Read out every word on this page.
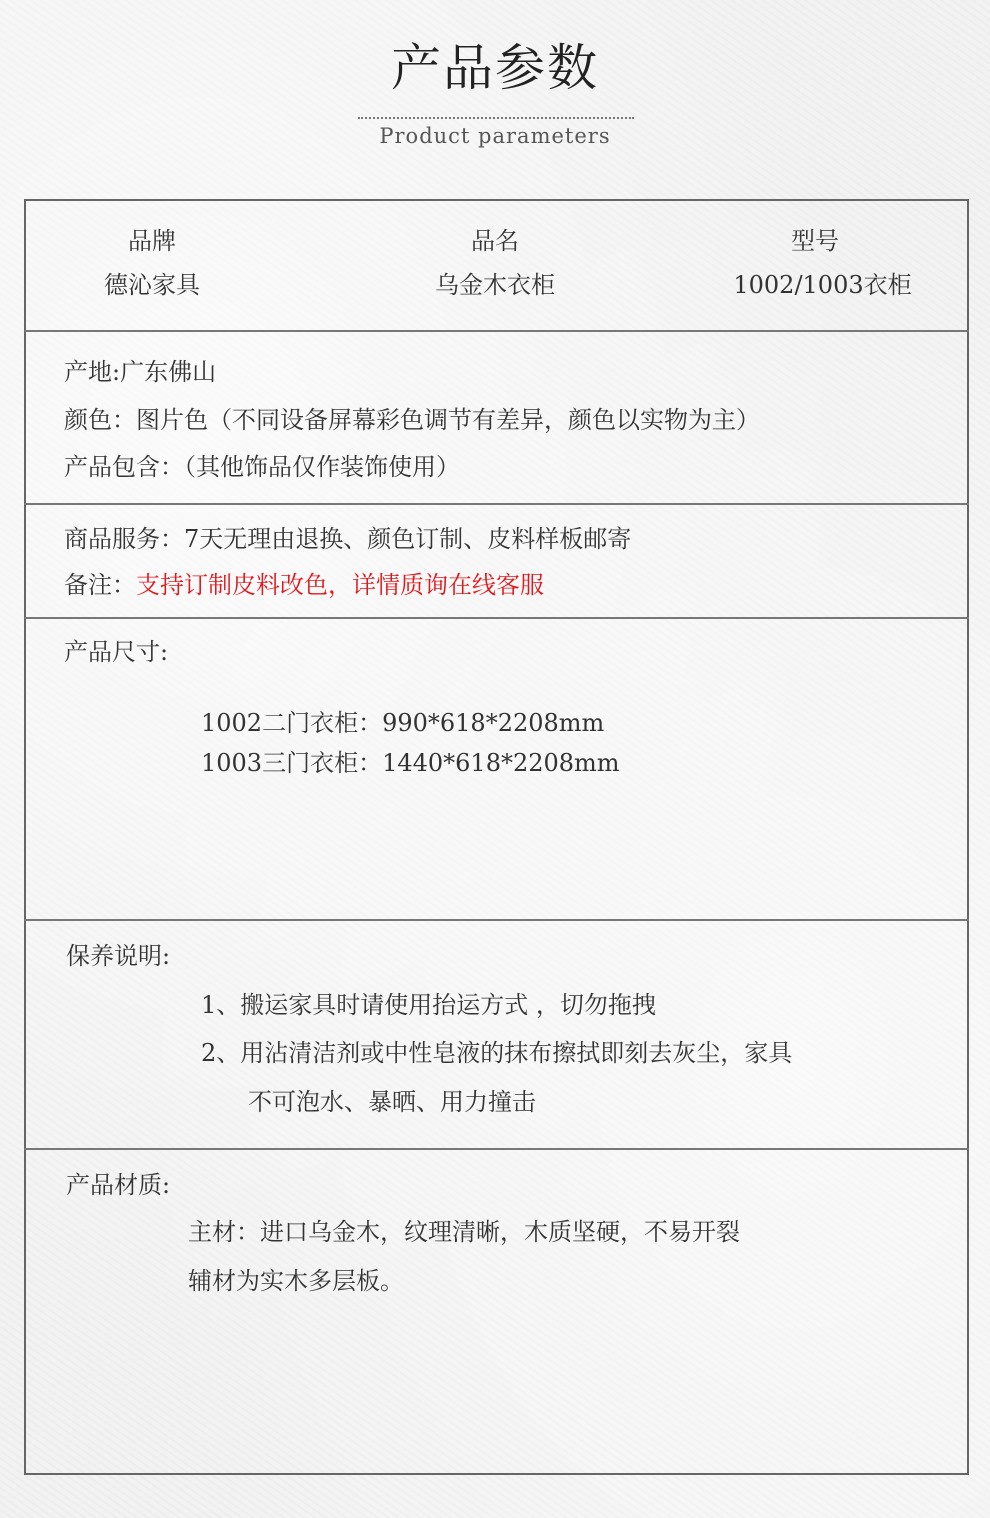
产品参数
Product parameters
品牌
德沁家具
品名
乌金木衣柜
型号
1002/1003衣柜
产地:广东佛山
颜色：图片色（不同设备屏幕彩色调节有差异，颜色以实物为主）
产品包含：（其他饰品仅作装饰使用）
商品服务：7天无理由退换、颜色订制、皮料样板邮寄
备注：支持订制皮料改色，详情质询在线客服
产品尺寸:
1002二门衣柜：990*618*2208mm
1003三门衣柜：1440*618*2208mm
保养说明:
1、搬运家具时请使用抬运方式 ，切勿拖拽
2、用沾清洁剂或中性皂液的抹布擦拭即刻去灰尘，家具
不可泡水、暴晒、用力撞击
产品材质:
主材：进口乌金木，纹理清晰，木质坚硬，不易开裂
辅材为实木多层板。
